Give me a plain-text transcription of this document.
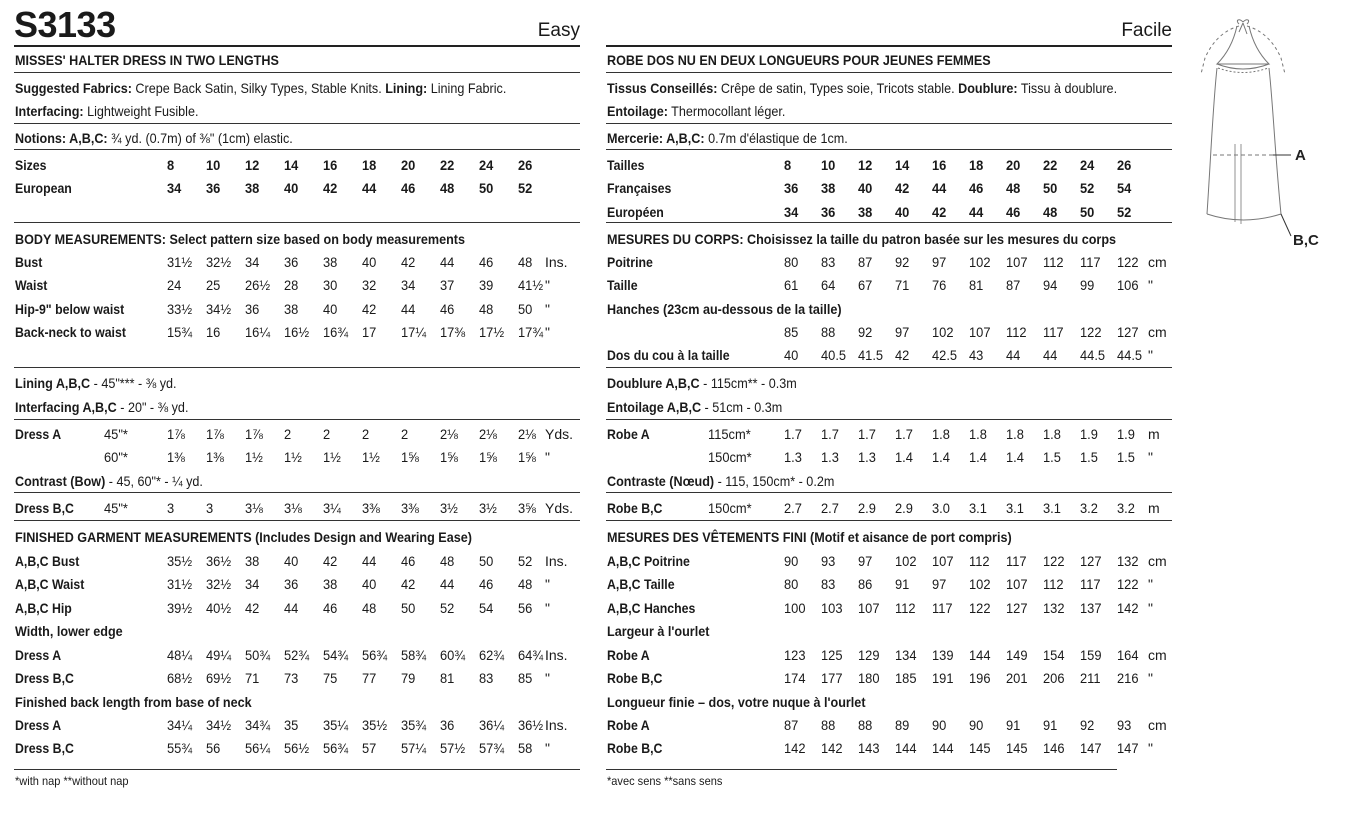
S3133	Easy
MISSES' HALTER DRESS IN TWO LENGTHS
Suggested Fabrics: Crepe Back Satin, Silky Types, Stable Knits. Lining: Lining Fabric.
Interfacing: Lightweight Fusible.
Notions: A,B,C: ¾ yd. (0.7m) of ⅜" (1cm) elastic.
Sizes	8 10 12 14 16 18 20 22 24 26
European	34 36 38 40 42 44 46 48 50 52
BODY MEASUREMENTS: Select pattern size based on body measurements
Bust	31½ 32½ 34 36 38 40 42 44 46 48 Ins.
Waist	24 25 26½ 28 30 32 34 37 39 41½ "
Hip-9" below waist	33½ 34½ 36 38 40 42 44 46 48 50 "
Back-neck to waist	15¾ 16 16¼ 16½ 16¾ 17 17¼ 17⅜ 17½ 17¾ "
Lining A,B,C - 45"*** - ⅜ yd.
Interfacing A,B,C - 20" - ⅜ yd.
Dress A	45"*	1⅞ 1⅞ 1⅞ 2 2 2 2 2⅛ 2⅛ 2⅛ Yds.
60"*	1⅜ 1⅜ 1½ 1½ 1½ 1½ 1⅝ 1⅝ 1⅝ 1⅝ "
Contrast (Bow) - 45, 60"* - ¼ yd.
Dress B,C 45"*	3 3 3⅛ 3⅛ 3¼ 3⅜ 3⅜ 3½ 3½ 3⅝ Yds.
FINISHED GARMENT MEASUREMENTS (Includes Design and Wearing Ease)
A,B,C Bust	35½ 36½ 38 40 42 44 46 48 50 52 Ins.
A,B,C Waist	31½ 32½ 34 36 38 40 42 44 46 48 "
A,B,C Hip	39½ 40½ 42 44 46 48 50 52 54 56 "
Width, lower edge
Dress A	48¼ 49¼ 50¾ 52¾ 54¾ 56¾ 58¾ 60¾ 62¾ 64¾ Ins.
Dress B,C	68½ 69½ 71 73 75 77 79 81 83 85 "
Finished back length from base of neck
Dress A	34¼ 34½ 34¾ 35 35¼ 35½ 35¾ 36 36¼ 36½ Ins.
Dress B,C	55¾ 56 56¼ 56½ 56¾ 57 57¼ 57½ 57¾ 58 "
*with nap **without nap
Facile
ROBE DOS NU EN DEUX LONGUEURS POUR JEUNES FEMMES
Tissus Conseillés: Crêpe de satin, Types soie, Tricots stable. Doublure: Tissu à doublure.
Entoilage: Thermocollant léger.
Mercerie: A,B,C: 0.7m d'élastique de 1cm.
Tailles	8 10 12 14 16 18 20 22 24 26
Françaises	36 38 40 42 44 46 48 50 52 54
Européen	34 36 38 40 42 44 46 48 50 52
MESURES DU CORPS: Choisissez la taille du patron basée sur les mesures du corps
Poitrine	80 83 87 92 97 102 107 112 117 122 cm
Taille	61 64 67 71 76 81 87 94 99 106 "
Hanches (23cm au-dessous de la taille)
85 88 92 97 102 107 112 117 122 127 cm
Dos du cou à la taille	40 40.5 41.5 42 42.5 43 44 44 44.5 44.5 "
Doublure A,B,C - 115cm** - 0.3m
Entoilage A,B,C - 51cm - 0.3m
Robe A	115cm* 1.7 1.7 1.7 1.7 1.8 1.8 1.8 1.8 1.9 1.9 m
150cm* 1.3 1.3 1.3 1.4 1.4 1.4 1.4 1.5 1.5 1.5 "
Contraste (Nœud) - 115, 150cm* - 0.2m
Robe B,C	150cm* 2.7 2.7 2.9 2.9 3.0 3.1 3.1 3.1 3.2 3.2 m
MESURES DES VÊTEMENTS FINI (Motif et aisance de port compris)
A,B,C Poitrine	90 93 97 102 107 112 117 122 127 132 cm
A,B,C Taille	80 83 86 91 97 102 107 112 117 122 "
A,B,C Hanches	100 103 107 112 117 122 127 132 137 142 "
Largeur à l'ourlet
Robe A	123 125 129 134 139 144 149 154 159 164 cm
Robe B,C	174 177 180 185 191 196 201 206 211 216 "
Longueur finie – dos, votre nuque à l'ourlet
Robe A	87 88 88 89 90 90 91 91 92 93 cm
Robe B,C	142 142 143 144 144 145 145 146 147 147 "
*avec sens **sans sens
A
B,C
